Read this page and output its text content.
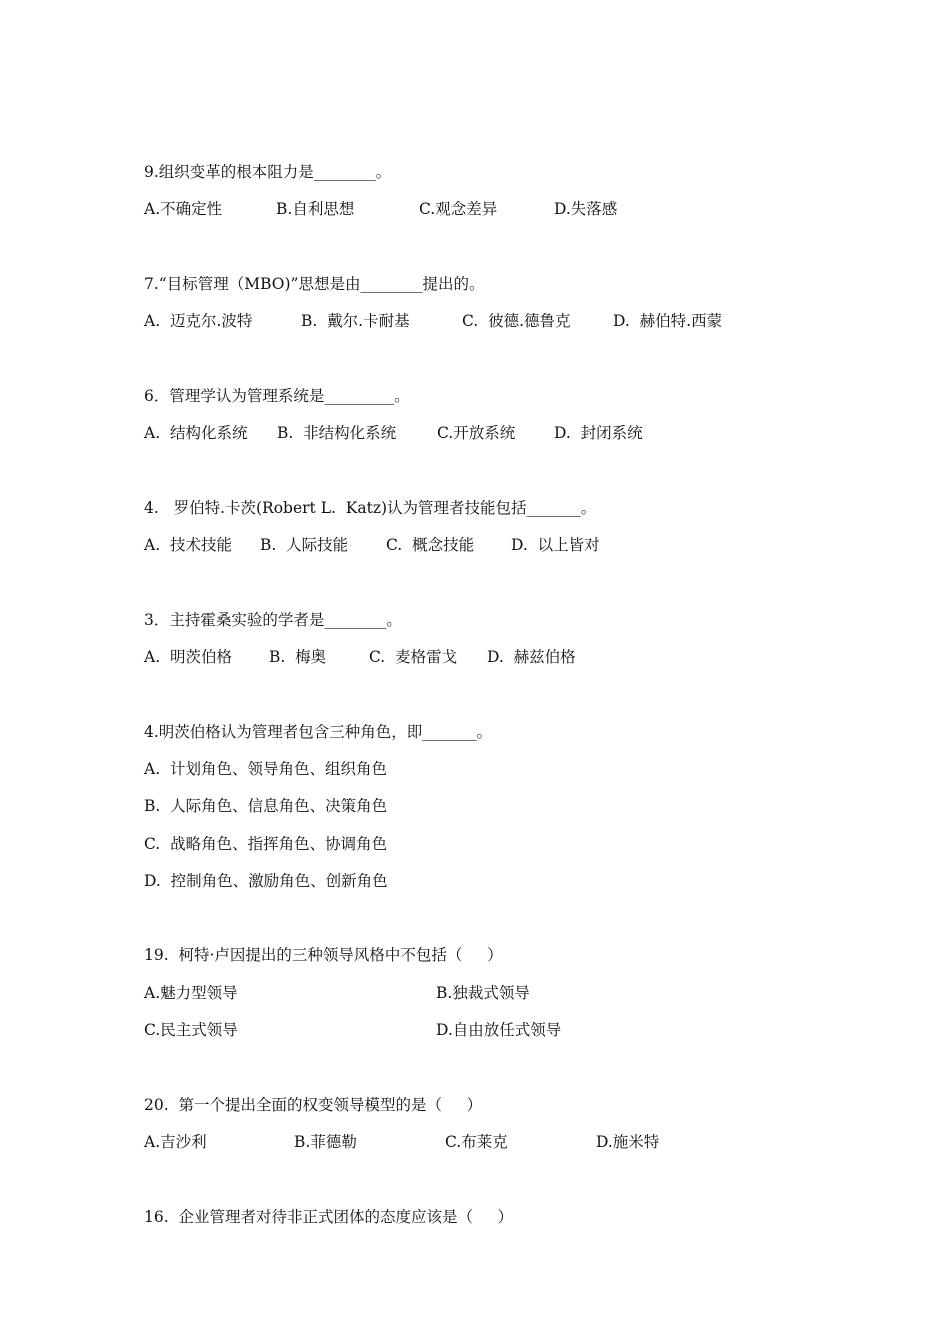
9.组织变革的根本阻力是________。
A.不确定性	B.自利思想	C.观念差异	D.失落感
7.“目标管理（MBO)”思想是由________提出的。
A.  迈克尔.波特	B.  戴尔.卡耐基	C.  彼德.德鲁克	D.  赫伯特.西蒙
6．管理学认为管理系统是_________。
A.  结构化系统 B.  非结构化系统	C.开放系统	D.  封闭系统
4.   罗伯特.卡茨(Robert L.  Katz)认为管理者技能包括_______。
A.  技术技能 B.  人际技能 C.  概念技能 D.  以上皆对
3．主持霍桑实验的学者是________。
A.  明茨伯格 B.  梅奥	C.  麦格雷戈 D.  赫兹伯格
4.明茨伯格认为管理者包含三种角色，即_______。
A.  计划角色、领导角色、组织角色
B.  人际角色、信息角色、决策角色
C.  战略角色、指挥角色、协调角色
D.  控制角色、激励角色、创新角色
19.  柯特·卢因提出的三种领导风格中不包括（     ）
A.魅力型领导	B.独裁式领导
C.民主式领导	D.自由放任式领导
20.  第一个提出全面的权变领导模型的是（     ）
A.吉沙利	B.菲德勒	C.布莱克	D.施米特
16.  企业管理者对待非正式团体的态度应该是（     ）
